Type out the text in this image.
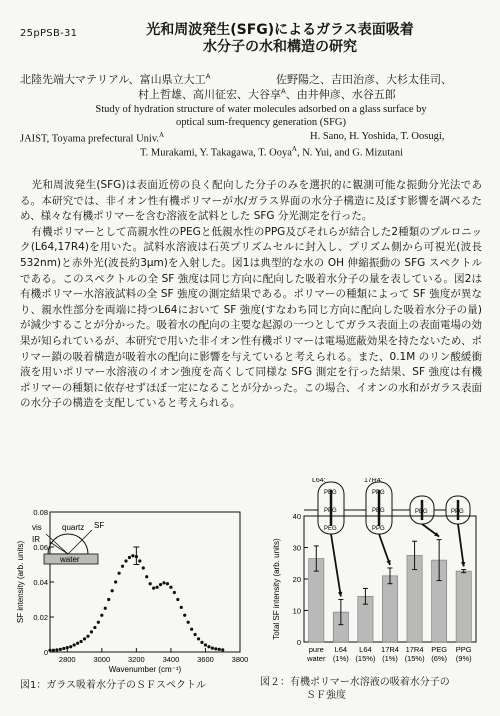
25pPSB-31	光和周波発生(SFG)によるガラス表面吸着
水分子の水和構造の研究
北陸先端大マテリアル、富山県立大工$^A$	佐野陽之、吉田治彦、大杉太佳司、
村上哲雄、高川征宏、大谷享$^A$、由井伸彦、水谷五郎
Study of hydration structure of water molecules adsorbed on a glass surface by
optical sum-frequency generation (SFG)
JAIST, Toyama prefectural Univ.$^A$	H. Sano, H. Yoshida, T. Oosugi,
T. Murakami, Y. Takagawa, T. Ooya$^A$, N. Yui, and G. Mizutani

光和周波発生(SFG)は表面近傍の良く配向した分子のみを選択的に観測可能な振動分光法である。本研究では、非イオン性有機ポリマーが水/ガラス界面の水分子構造に及ぼす影響を調べるため、様々な有機ポリマーを含む溶液を試料とした SFG 分光測定を行った。

有機ポリマーとして高親水性のPEGと低親水性のPPG及びそれらが結合した2種類のプルロニック(L64,17R4)を用いた。試料水溶液は石英プリズムセルに封入し、プリズム側から可視光(波長532nm)と赤外光(波長約3μm)を入射した。図1は典型的な水の OH 伸縮振動の SFG スペクトルである。このスペクトルの全 SF 強度は同じ方向に配向した吸着水分子の量を表している。図2は有機ポリマー水溶液試料の全 SF 強度の測定結果である。ポリマーの種類によって SF 強度が異なり、親水性部分を両端に持つL64において SF 強度(すなわち同じ方向に配向した吸着水分子の量)が減少することが分かった。吸着水の配向の主要な起源の一つとしてガラス表面上の表面電場の効果が知られているが、本研究で用いた非イオン性有機ポリマーは電場遮蔽効果を持たないため、ポリマー鎖の吸着構造が吸着水の配向に影響を与えていると考えられる。また、0.1M のリン酸緩衝液を用いポリマー水溶液のイオン強度を高くして同様な SFG 測定を行った結果、SF 強度は有機ポリマーの種類に依存せずほぼ一定になることが分かった。この場合、イオンの水和がガラス表面の水分子の構造を支配していると考えられる。

2800 3000 3200 3400 3600 3800
0
0.02
0.04
0.06
0.08
Wavenumber (cm⁻¹)
SF intensity (arb. units)
vis
IR
quartz SF
water
図1：ガラス吸着水分子のＳＦスペクトル
L64:
PEG
PPG
PEG
17R4:
PPG
PEG
PPG
PEG	PPG
0
10
20
30
40
Total SF intensity (arb. units)
pure
water
L64
(1%)
L64
(15%)
17R4
(1%)
17R4
(15%)
PEG
(6%)
PPG
(9%)
図２：有機ポリマー水溶液の吸着水分子の
ＳＦ強度
